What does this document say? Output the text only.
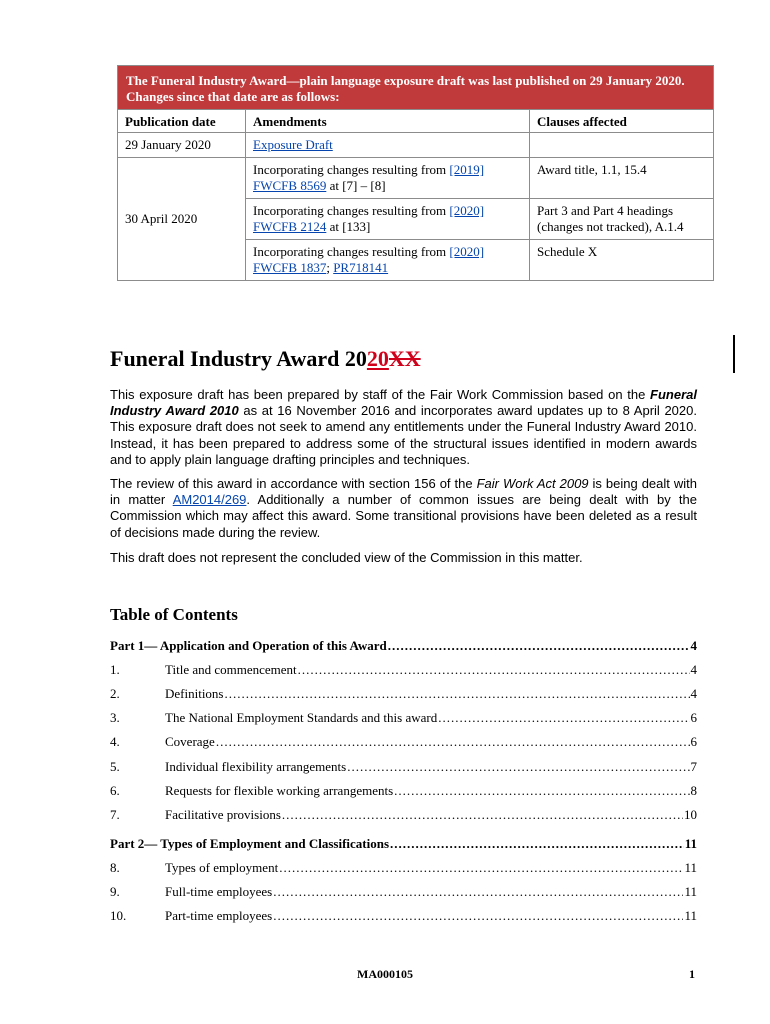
The Funeral Industry Award—plain language exposure draft was last published on 29 January 2020. Changes since that date are as follows:
Publication date	Amendments	Clauses affected
29 January 2020	Exposure Draft	
30 April 2020	Incorporating changes resulting from [2019] FWCFB 8569 at [7] – [8]	Award title, 1.1, 15.4
	Incorporating changes resulting from [2020] FWCFB 2124 at [133]	Part 3 and Part 4 headings (changes not tracked), A.1.4
	Incorporating changes resulting from [2020] FWCFB 1837; PR718141	Schedule X
Funeral Industry Award 2020XX

This exposure draft has been prepared by staff of the Fair Work Commission based on the Funeral Industry Award 2010 as at 16 November 2016 and incorporates award updates up to 8 April 2020. This exposure draft does not seek to amend any entitlements under the Funeral Industry Award 2010. Instead, it has been prepared to address some of the structural issues identified in modern awards and to apply plain language drafting principles and techniques.

The review of this award in accordance with section 156 of the Fair Work Act 2009 is being dealt with in matter AM2014/269. Additionally a number of common issues are being dealt with by the Commission which may affect this award. Some transitional provisions have been deleted as a result of decisions made during the review.

This draft does not represent the concluded view of the Commission in this matter.

Table of Contents
Part 1— Application and Operation of this Award .....	4
1.	Title and commencement .....	4
2.	Definitions .....	4
3.	The National Employment Standards and this award .....	6
4.	Coverage .....	6
5.	Individual flexibility arrangements .....	7
6.	Requests for flexible working arrangements .....	8
7.	Facilitative provisions .....	10
Part 2— Types of Employment and Classifications .....	11
8.	Types of employment .....	11
9.	Full-time employees .....	11
10.	Part-time employees .....	11
MA000105	1
